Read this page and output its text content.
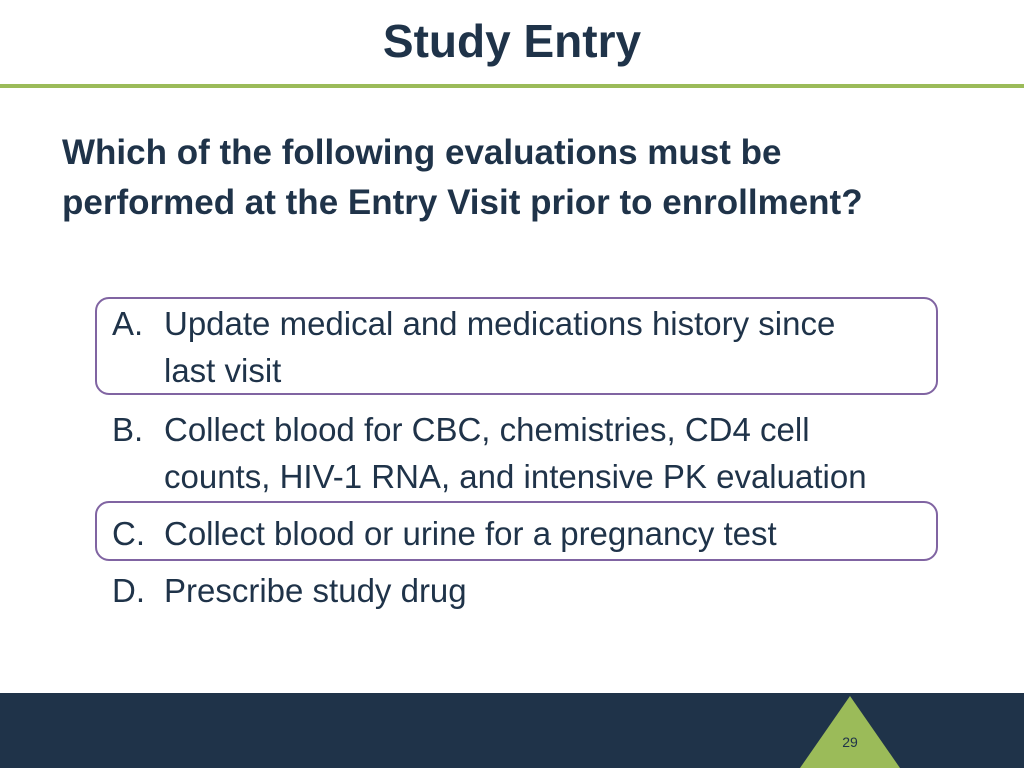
Study Entry

Which of the following evaluations must be
performed at the Entry Visit prior to enrollment?

A. Update medical and medications history since
last visit
B. Collect blood for CBC, chemistries, CD4 cell
counts, HIV-1 RNA, and intensive PK evaluation
C. Collect blood or urine for a pregnancy test
D. Prescribe study drug
29
